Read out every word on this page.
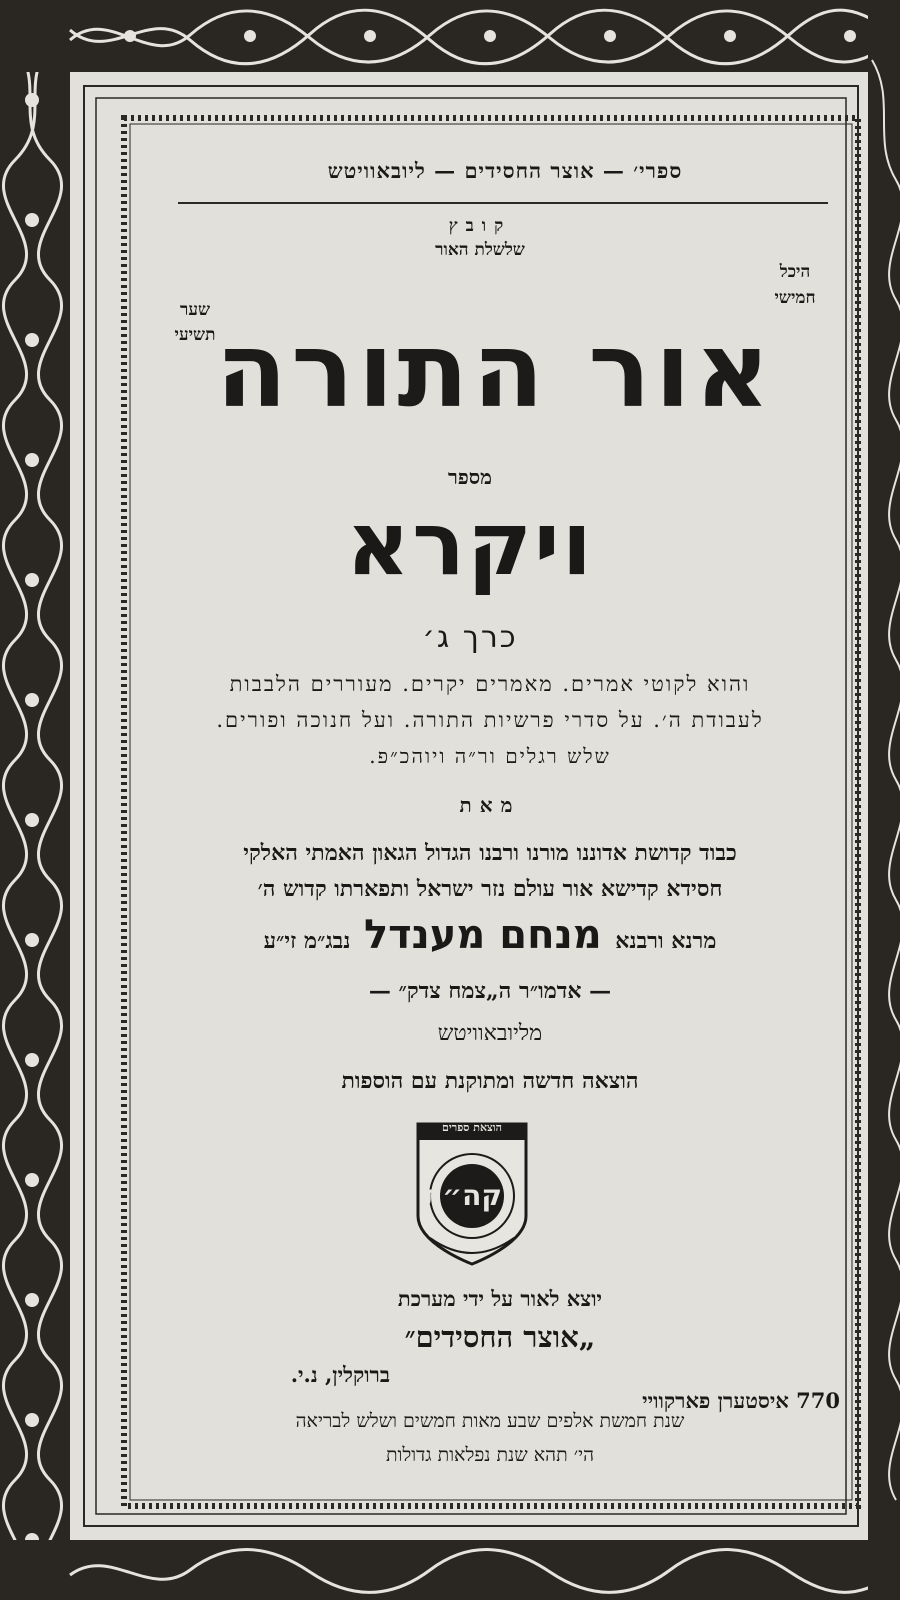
ספרי׳ — אוצר החסידים — ליובאוויטש
קובץ
שלשלת האור
היכל
חמישי
שער
תשיעי אור התורה
מספר
ויקרא
כרך ג׳
והוא לקוטי אמרים. מאמרים יקרים. מעוררים הלבבות
לעבודת ה׳. על סדרי פרשיות התורה. ועל חנוכה ופורים.
שלש רגלים ור״ה ויוהכ״פ.
מאת
כבוד קדושת אדוננו מורנו ורבנו הגדול הגאון האמתי האלקי
חסידא קדישא אור עולם נזר ישראל ותפארתו קדוש ה׳
מרנא ורבנא מנחם מענדל נבג״מ זי״ע
— אדמו״ר ה„צמח צדק״ —
מליובאוויטש
הוצאה חדשה ומתוקנת עם הוספות
הוצאת ספרים
קה״ת
יוצא לאור על ידי מערכת
„אוצר החסידים״
ברוקלין, נ.י.
770 איסטערן פארקוויי
שנת חמשת אלפים שבע מאות חמשים ושלש לבריאה
הי׳ תהא שנת נפלאות גדולות
